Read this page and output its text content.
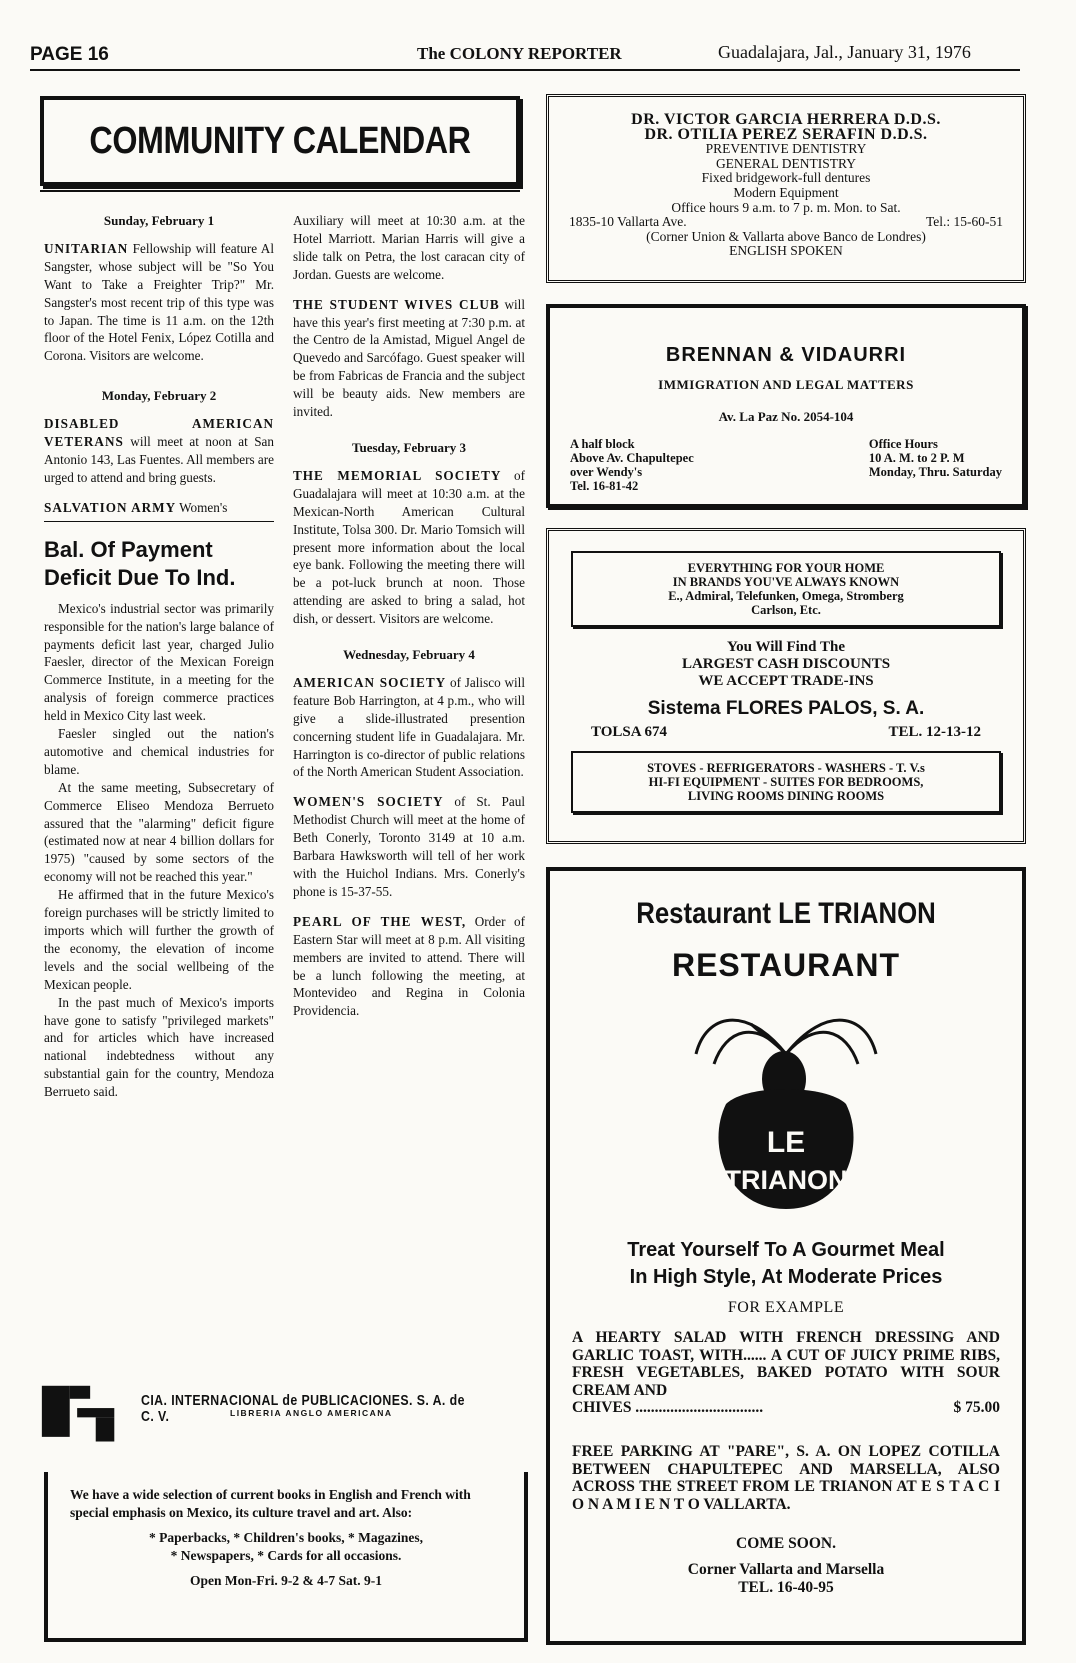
PAGE 16	The COLONY REPORTER	Guadalajara, Jal., January 31, 1976
COMMUNITY CALENDAR

Sunday, February 1

UNITARIAN Fellowship will feature Al Sangster, whose subject will be "So You Want to Take a Freighter Trip?" Mr. Sangster's most recent trip of this type was to Japan. The time is 11 a.m. on the 12th floor of the Hotel Fenix, López Cotilla and Corona. Visitors are welcome.

Monday, February 2

DISABLED AMERICAN VETERANS will meet at noon at San Antonio 143, Las Fuentes. All members are urged to attend and bring guests.

SALVATION ARMY Women's

Bal. Of Payment Deficit Due To Ind.

Mexico's industrial sector was primarily responsible for the nation's large balance of payments deficit last year, charged Julio Faesler, director of the Mexican Foreign Commerce Institute, in a meeting for the analysis of foreign commerce practices held in Mexico City last week.

Faesler singled out the nation's automotive and chemical industries for blame.

At the same meeting, Subsecretary of Commerce Eliseo Mendoza Berrueto assured that the "alarming" deficit figure (estimated now at near 4 billion dollars for 1975) "caused by some sectors of the economy will not be reached this year."

He affirmed that in the future Mexico's foreign purchases will be strictly limited to imports which will further the growth of the economy, the elevation of income levels and the social wellbeing of the Mexican people.

In the past much of Mexico's imports have gone to satisfy "privileged markets" and for articles which have increased national indebtedness without any substantial gain for the country, Mendoza Berrueto said.

Auxiliary will meet at 10:30 a.m. at the Hotel Marriott. Marian Harris will give a slide talk on Petra, the lost caracan city of Jordan. Guests are welcome.

THE STUDENT WIVES CLUB will have this year's first meeting at 7:30 p.m. at the Centro de la Amistad, Miguel Angel de Quevedo and Sarcófago. Guest speaker will be from Fabricas de Francia and the subject will be beauty aids. New members are invited.

Tuesday, February 3

THE MEMORIAL SOCIETY of Guadalajara will meet at 10:30 a.m. at the Mexican-North American Cultural Institute, Tolsa 300. Dr. Mario Tomsich will present more information about the local eye bank. Following the meeting there will be a pot-luck brunch at noon. Those attending are asked to bring a salad, hot dish, or dessert. Visitors are welcome.

Wednesday, February 4

AMERICAN SOCIETY of Jalisco will feature Bob Harrington, at 4 p.m., who will give a slide-illustrated presention concerning student life in Guadalajara. Mr. Harrington is co-director of public relations of the North American Student Association.

WOMEN'S SOCIETY of St. Paul Methodist Church will meet at the home of Beth Conerly, Toronto 3149 at 10 a.m. Barbara Hawksworth will tell of her work with the Huichol Indians. Mrs. Conerly's phone is 15-37-55.

PEARL OF THE WEST, Order of Eastern Star will meet at 8 p.m. All visiting members are invited to attend. There will be a lunch following the meeting, at Montevideo and Regina in Colonia Providencia.

DR. VICTOR GARCIA HERRERA D.D.S.
DR. OTILIA PEREZ SERAFIN D.D.S.
PREVENTIVE DENTISTRY
GENERAL DENTISTRY
Fixed bridgework-full dentures
Modern Equipment
Office hours 9 a.m. to 7 p. m. Mon. to Sat.
1835-10 Vallarta Ave.	Tel.: 15-60-51
(Corner Union & Vallarta above Banco de Londres)
ENGLISH SPOKEN
BRENNAN & VIDAURRI
IMMIGRATION AND LEGAL MATTERS
Av. La Paz No. 2054-104
A half block
Above Av. Chapultepec
over Wendy's
Tel. 16-81-42
Office Hours
10 A. M. to 2 P. M
Monday, Thru. Saturday
EVERYTHING FOR YOUR HOME
IN BRANDS YOU'VE ALWAYS KNOWN
E., Admiral, Telefunken, Omega, Stromberg
Carlson, Etc.
You Will Find The
LARGEST CASH DISCOUNTS
WE ACCEPT TRADE-INS
Sistema FLORES PALOS, S. A.
TOLSA 674	TEL. 12-13-12
STOVES - REFRIGERATORS - WASHERS - T. V.s
HI-FI EQUIPMENT - SUITES FOR BEDROOMS,
LIVING ROOMS DINING ROOMS
Restaurant LE TRIANON
RESTAURANT
LE
TRIANON
Treat Yourself To A Gourmet Meal
In High Style, At Moderate Prices
FOR EXAMPLE
A HEARTY SALAD WITH FRENCH DRESSING AND GARLIC TOAST, WITH...... A CUT OF JUICY PRIME RIBS, FRESH VEGETABLES, BAKED POTATO WITH SOUR CREAM AND
CHIVES .................................	$ 75.00
FREE PARKING AT "PARE", S. A. ON LOPEZ COTILLA BETWEEN CHAPULTEPEC AND MARSELLA, ALSO ACROSS THE STREET FROM LE TRIANON AT E S T A C I O N A M I E N T O VALLARTA.
COME SOON.
Corner Vallarta and Marsella
TEL. 16-40-95
CIA. INTERNACIONAL de PUBLICACIONES. S. A. de C. V.	LIBRERIA ANGLO AMERICANA
We have a wide selection of current books in English and French with special emphasis on Mexico, its culture travel and art. Also:
* Paperbacks, * Children's books, * Magazines,
* Newspapers, * Cards for all occasions.
Open Mon-Fri. 9-2 & 4-7 Sat. 9-1
